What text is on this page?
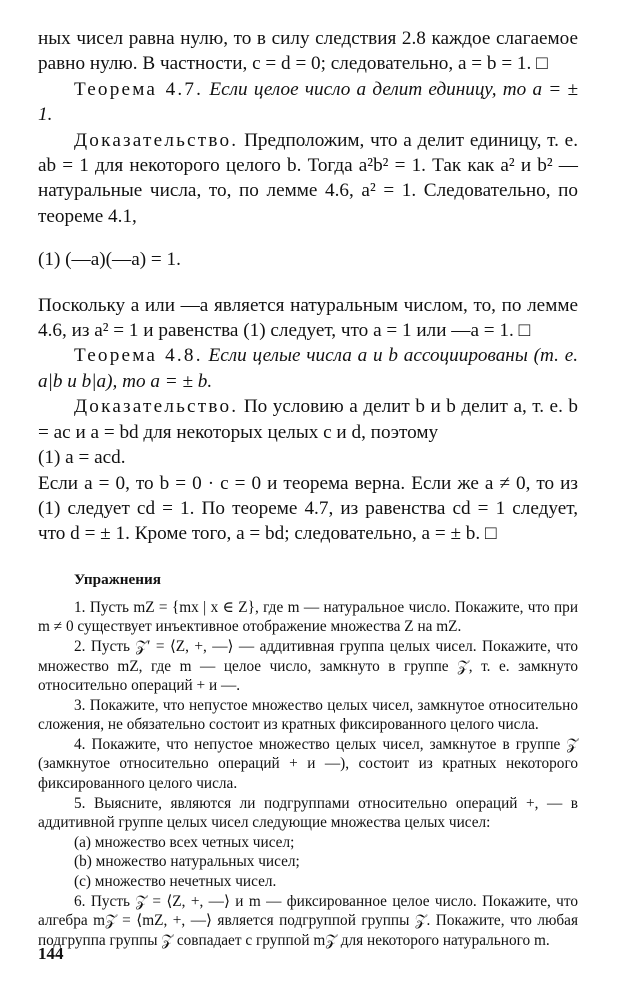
ных чисел равна нулю, то в силу следствия 2.8 каждое слагаемое равно нулю. В частности, c = d = 0; следовательно, a = b = 1. □

Теорема 4.7. Если целое число a делит единицу, то a = ± 1.

Доказательство. Предположим, что a делит единицу, т. е. ab = 1 для некоторого целого b. Тогда a²b² = 1. Так как a² и b² — натуральные числа, то, по лемме 4.6, a² = 1. Следовательно, по теореме 4.1,

(1) (—a)(—a) = 1.

Поскольку a или —a является натуральным числом, то, по лемме 4.6, из a² = 1 и равенства (1) следует, что a = 1 или —a = 1. □

Теорема 4.8. Если целые числа a и b ассоциированы (т. е. a|b и b|a), то a = ± b.

Доказательство. По условию a делит b и b делит a, т. е. b = ac и a = bd для некоторых целых c и d, поэтому

(1) a = acd.

Если a = 0, то b = 0 · c = 0 и теорема верна. Если же a ≠ 0, то из (1) следует cd = 1. По теореме 4.7, из равенства cd = 1 следует, что d = ± 1. Кроме того, a = bd; следовательно, a = ± b. □

Упражнения

1. Пусть mZ = {mx | x ∈ Z}, где m — натуральное число. Покажите, что при m ≠ 0 существует инъективное отображение множества Z на mZ.

2. Пусть 𝒵′ = ⟨Z, +, —⟩ — аддитивная группа целых чисел. Покажите, что множество mZ, где m — целое число, замкнуто в группе 𝒵, т. е. замкнуто относительно операций + и —.

3. Покажите, что непустое множество целых чисел, замкнутое относительно сложения, не обязательно состоит из кратных фиксированного целого числа.

4. Покажите, что непустое множество целых чисел, замкнутое в группе 𝒵 (замкнутое относительно операций + и —), состоит из кратных некоторого фиксированного целого числа.

5. Выясните, являются ли подгруппами относительно операций +, — в аддитивной группе целых чисел следующие множества целых чисел:

(a) множество всех четных чисел;

(b) множество натуральных чисел;

(c) множество нечетных чисел.

6. Пусть 𝒵 = ⟨Z, +, —⟩ и m — фиксированное целое число. Покажите, что алгебра m𝒵 = ⟨mZ, +, —⟩ является подгруппой группы 𝒵. Покажите, что любая подгруппа группы 𝒵 совпадает с группой m𝒵 для некоторого натурального m.

144
